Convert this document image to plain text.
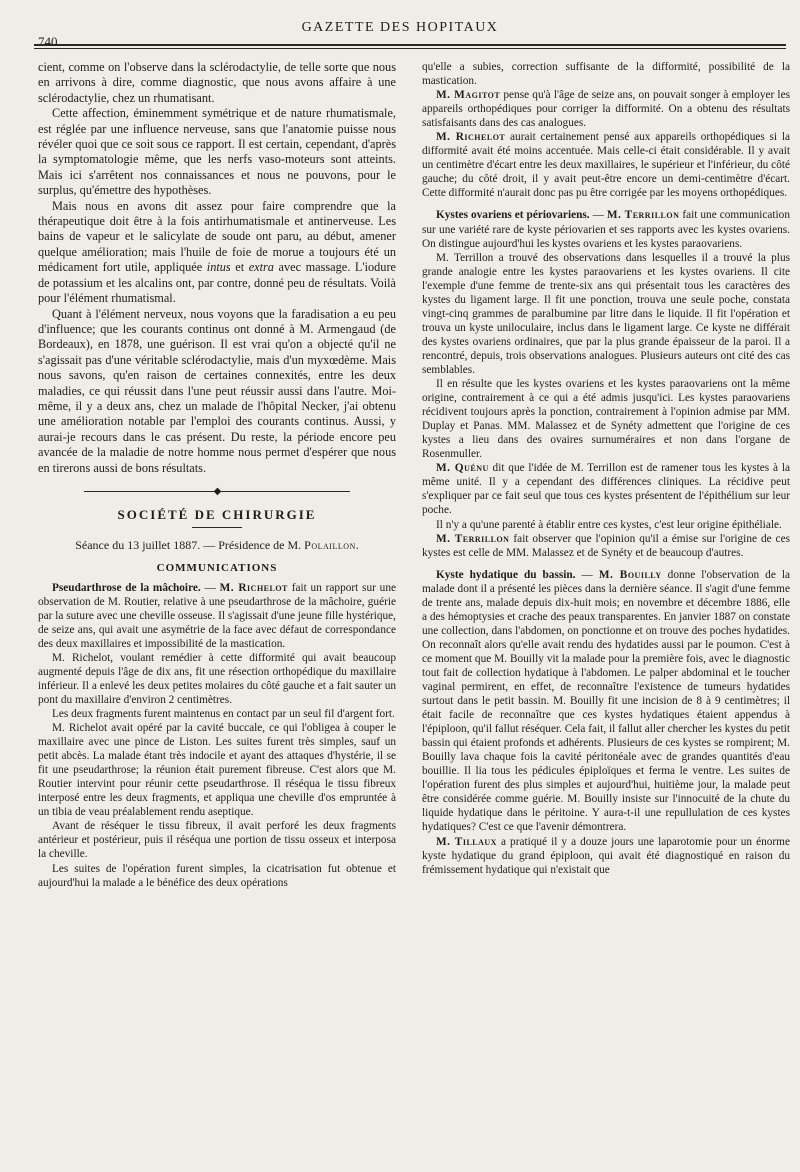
740
GAZETTE DES HOPITAUX

cient, comme on l'observe dans la sclérodactylie, de telle sorte que nous en arrivons à dire, comme diagnostic, que nous avons affaire à une sclérodactylie, chez un rhumatisant.

Cette affection, éminemment symétrique et de nature rhumatismale, est réglée par une influence nerveuse, sans que l'anatomie puisse nous révéler quoi que ce soit sous ce rapport. Il est certain, cependant, d'après la symptomatologie même, que les nerfs vaso-moteurs sont atteints. Mais ici s'arrêtent nos connaissances et nous ne pouvons, pour le surplus, qu'émettre des hypothèses.

Mais nous en avons dit assez pour faire comprendre que la thérapeutique doit être à la fois antirhumatismale et antinerveuse. Les bains de vapeur et le salicylate de soude ont paru, au début, amener quelque amélioration; mais l'huile de foie de morue a toujours été un médicament fort utile, appliquée intus et extra avec massage. L'iodure de potassium et les alcalins ont, par contre, donné peu de résultats. Voilà pour l'élément rhumatismal.

Quant à l'élément nerveux, nous voyons que la faradisation a eu peu d'influence; que les courants continus ont donné à M. Armengaud (de Bordeaux), en 1878, une guérison. Il est vrai qu'on a objecté qu'il ne s'agissait pas d'une véritable sclérodactylie, mais d'un myxœdème. Mais nous savons, qu'en raison de certaines connexités, entre les deux maladies, ce qui réussit dans l'une peut réussir aussi dans l'autre. Moi-même, il y a deux ans, chez un malade de l'hôpital Necker, j'ai obtenu une amélioration notable par l'emploi des courants continus. Aussi, y aurai-je recours dans le cas présent. Du reste, la période encore peu avancée de la maladie de notre homme nous permet d'espérer que nous en tirerons aussi de bons résultats.

◆
SOCIÉTÉ DE CHIRURGIE
Séance du 13 juillet 1887. — Présidence de M. Polaillon.
COMMUNICATIONS

Pseudarthrose de la mâchoire. — M. Richelot fait un rapport sur une observation de M. Routier, relative à une pseudarthrose de la mâchoire, guérie par la suture avec une cheville osseuse. Il s'agissait d'une jeune fille hystérique, de seize ans, qui avait une asymétrie de la face avec défaut de correspondance des deux maxillaires et impossibilité de la mastication.

M. Richelot, voulant remédier à cette difformité qui avait beaucoup augmenté depuis l'âge de dix ans, fit une résection orthopédique du maxillaire inférieur. Il a enlevé les deux petites molaires du côté gauche et a fait sauter un pont du maxillaire d'environ 2 centimètres.

Les deux fragments furent maintenus en contact par un seul fil d'argent fort.

M. Richelot avait opéré par la cavité buccale, ce qui l'obligea à couper le maxillaire avec une pince de Liston. Les suites furent très simples, sauf un petit abcès. La malade étant très indocile et ayant des attaques d'hystérie, il se fit une pseudarthrose; la réunion était purement fibreuse. C'est alors que M. Routier intervint pour réunir cette pseudarthrose. Il réséqua le tissu fibreux interposé entre les deux fragments, et appliqua une cheville d'os empruntée à un tibia de veau préalablement rendu aseptique.

Avant de réséquer le tissu fibreux, il avait perforé les deux fragments antérieur et postérieur, puis il réséqua une portion de tissu osseux et interposa la cheville.

Les suites de l'opération furent simples, la cicatrisation fut obtenue et aujourd'hui la malade a le bénéfice des deux opérations

qu'elle a subies, correction suffisante de la difformité, possibilité de la mastication.

M. Magitot pense qu'à l'âge de seize ans, on pouvait songer à employer les appareils orthopédiques pour corriger la difformité. On a obtenu des résultats satisfaisants dans des cas analogues.

M. Richelot aurait certainement pensé aux appareils orthopédiques si la difformité avait été moins accentuée. Mais celle-ci était considérable. Il y avait un centimètre d'écart entre les deux maxillaires, le supérieur et l'inférieur, du côté gauche; du côté droit, il y avait peut-être encore un demi-centimètre d'écart. Cette difformité n'aurait donc pas pu être corrigée par les moyens orthopédiques.

Kystes ovariens et périovariens. — M. Terrillon fait une communication sur une variété rare de kyste périovarien et ses rapports avec les kystes ovariens. On distingue aujourd'hui les kystes ovariens et les kystes paraovariens.

M. Terrillon a trouvé des observations dans lesquelles il a trouvé la plus grande analogie entre les kystes paraovariens et les kystes ovariens. Il cite l'exemple d'une femme de trente-six ans qui présentait tous les caractères des kystes du ligament large. Il fit une ponction, trouva une seule poche, constata vingt-cinq grammes de paralbumine par litre dans le liquide. Il fit l'opération et trouva un kyste uniloculaire, inclus dans le ligament large. Ce kyste ne différait des kystes ovariens ordinaires, que par la plus grande épaisseur de la paroi. Il a rencontré, depuis, trois observations analogues. Plusieurs auteurs ont cité des cas semblables.

Il en résulte que les kystes ovariens et les kystes paraovariens ont la même origine, contrairement à ce qui a été admis jusqu'ici. Les kystes paraovariens récidivent toujours après la ponction, contrairement à l'opinion admise par MM. Duplay et Panas. MM. Malassez et de Synéty admettent que l'origine de ces kystes a lieu dans des ovaires surnuméraires et non dans l'organe de Rosenmuller.

M. Quénu dit que l'idée de M. Terrillon est de ramener tous les kystes à la même unité. Il y a cependant des différences cliniques. La récidive peut s'expliquer par ce fait seul que tous ces kystes présentent de l'épithélium sur leur poche.

Il n'y a qu'une parenté à établir entre ces kystes, c'est leur origine épithéliale.

M. Terrillon fait observer que l'opinion qu'il a émise sur l'origine de ces kystes est celle de MM. Malassez et de Synéty et de beaucoup d'autres.

Kyste hydatique du bassin. — M. Bouilly donne l'observation de la malade dont il a présenté les pièces dans la dernière séance. Il s'agit d'une femme de trente ans, malade depuis dix-huit mois; en novembre et décembre 1886, elle a des hémoptysies et crache des peaux transparentes. En janvier 1887 on constate une collection, dans l'abdomen, on ponctionne et on trouve des poches hydatides. On reconnaît alors qu'elle avait rendu des hydatides aussi par le poumon. C'est à ce moment que M. Bouilly vit la malade pour la première fois, avec le diagnostic tout fait de collection hydatique à l'abdomen. Le palper abdominal et le toucher vaginal permirent, en effet, de reconnaître l'existence de tumeurs hydatides surtout dans le petit bassin. M. Bouilly fit une incision de 8 à 9 centimètres; il était facile de reconnaître que ces kystes hydatiques étaient appendus à l'épiploon, qu'il fallut réséquer. Cela fait, il fallut aller chercher les kystes du petit bassin qui étaient profonds et adhérents. Plusieurs de ces kystes se rompirent; M. Bouilly lava chaque fois la cavité péritonéale avec de grandes quantités d'eau bouillie. Il lia tous les pédicules épiploïques et ferma le ventre. Les suites de l'opération furent des plus simples et aujourd'hui, huitième jour, la malade peut être considérée comme guérie. M. Bouilly insiste sur l'innocuité de la chute du liquide hydatique dans le péritoine. Y aura-t-il une repullulation de ces kystes hydatiques? C'est ce que l'avenir démontrera.

M. Tillaux a pratiqué il y a douze jours une laparotomie pour un énorme kyste hydatique du grand épiploon, qui avait été diagnostiqué en raison du frémissement hydatique qui n'existait que
